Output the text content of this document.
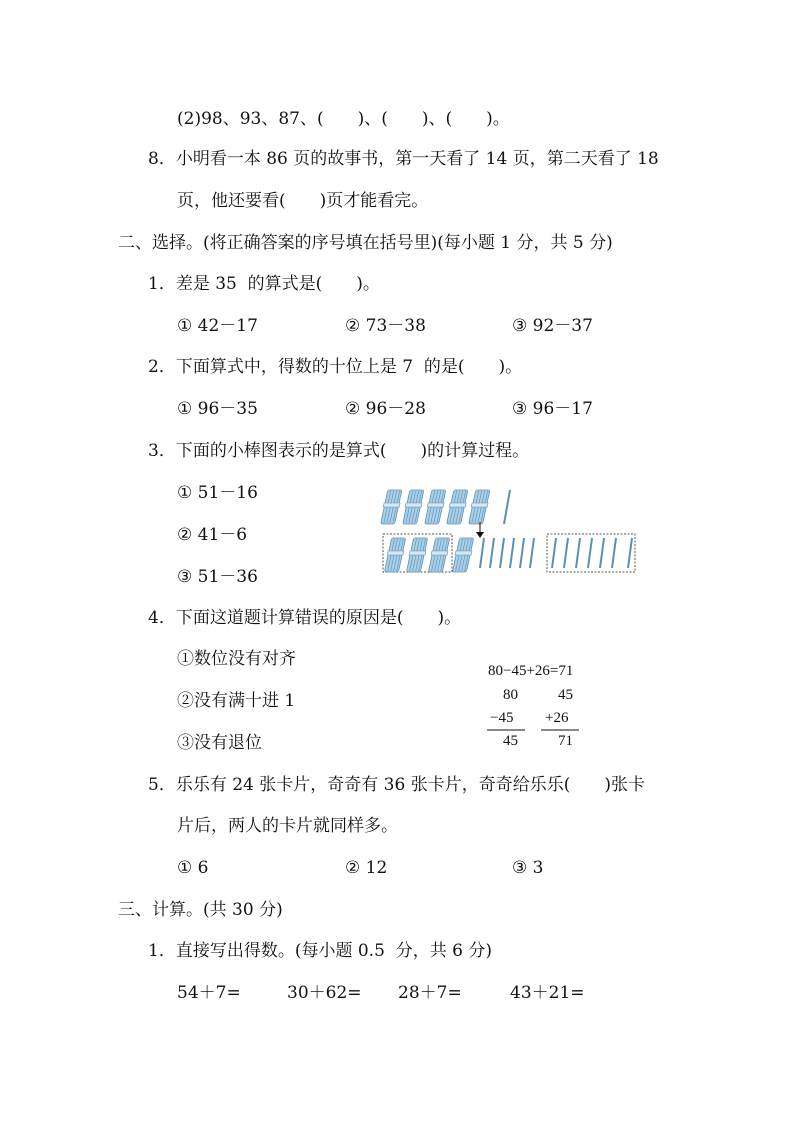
(2)98、93、87、(　　)、(　　)、(　　)。
8．小明看一本 86 页的故事书，第一天看了 14 页，第二天看了 18
页，他还要看(　　)页才能看完。
二、选择。(将正确答案的序号填在括号里)(每小题 1 分，共 5 分)
1．差是 35  的算式是(　　)。
① 42－17	② 73－38	③ 92－37
2．下面算式中，得数的十位上是 7  的是(　　)。
① 96－35	② 96－28	③ 96－17
3．下面的小棒图表示的是算式(　　)的计算过程。
① 51－16
② 41－6
③ 51－36
4．下面这道题计算错误的原因是(　　)。
①数位没有对齐
②没有满十进 1
③没有退位
80−45+26=71
80
−45
45
45
+26
71
5．乐乐有 24 张卡片，奇奇有 36 张卡片，奇奇给乐乐(　　)张卡
片后，两人的卡片就同样多。
① 6	② 12	③ 3
三、计算。(共 30 分)
1．直接写出得数。(每小题 0.5  分，共 6 分)
54＋7=	30＋62= 28＋7=	43＋21=
